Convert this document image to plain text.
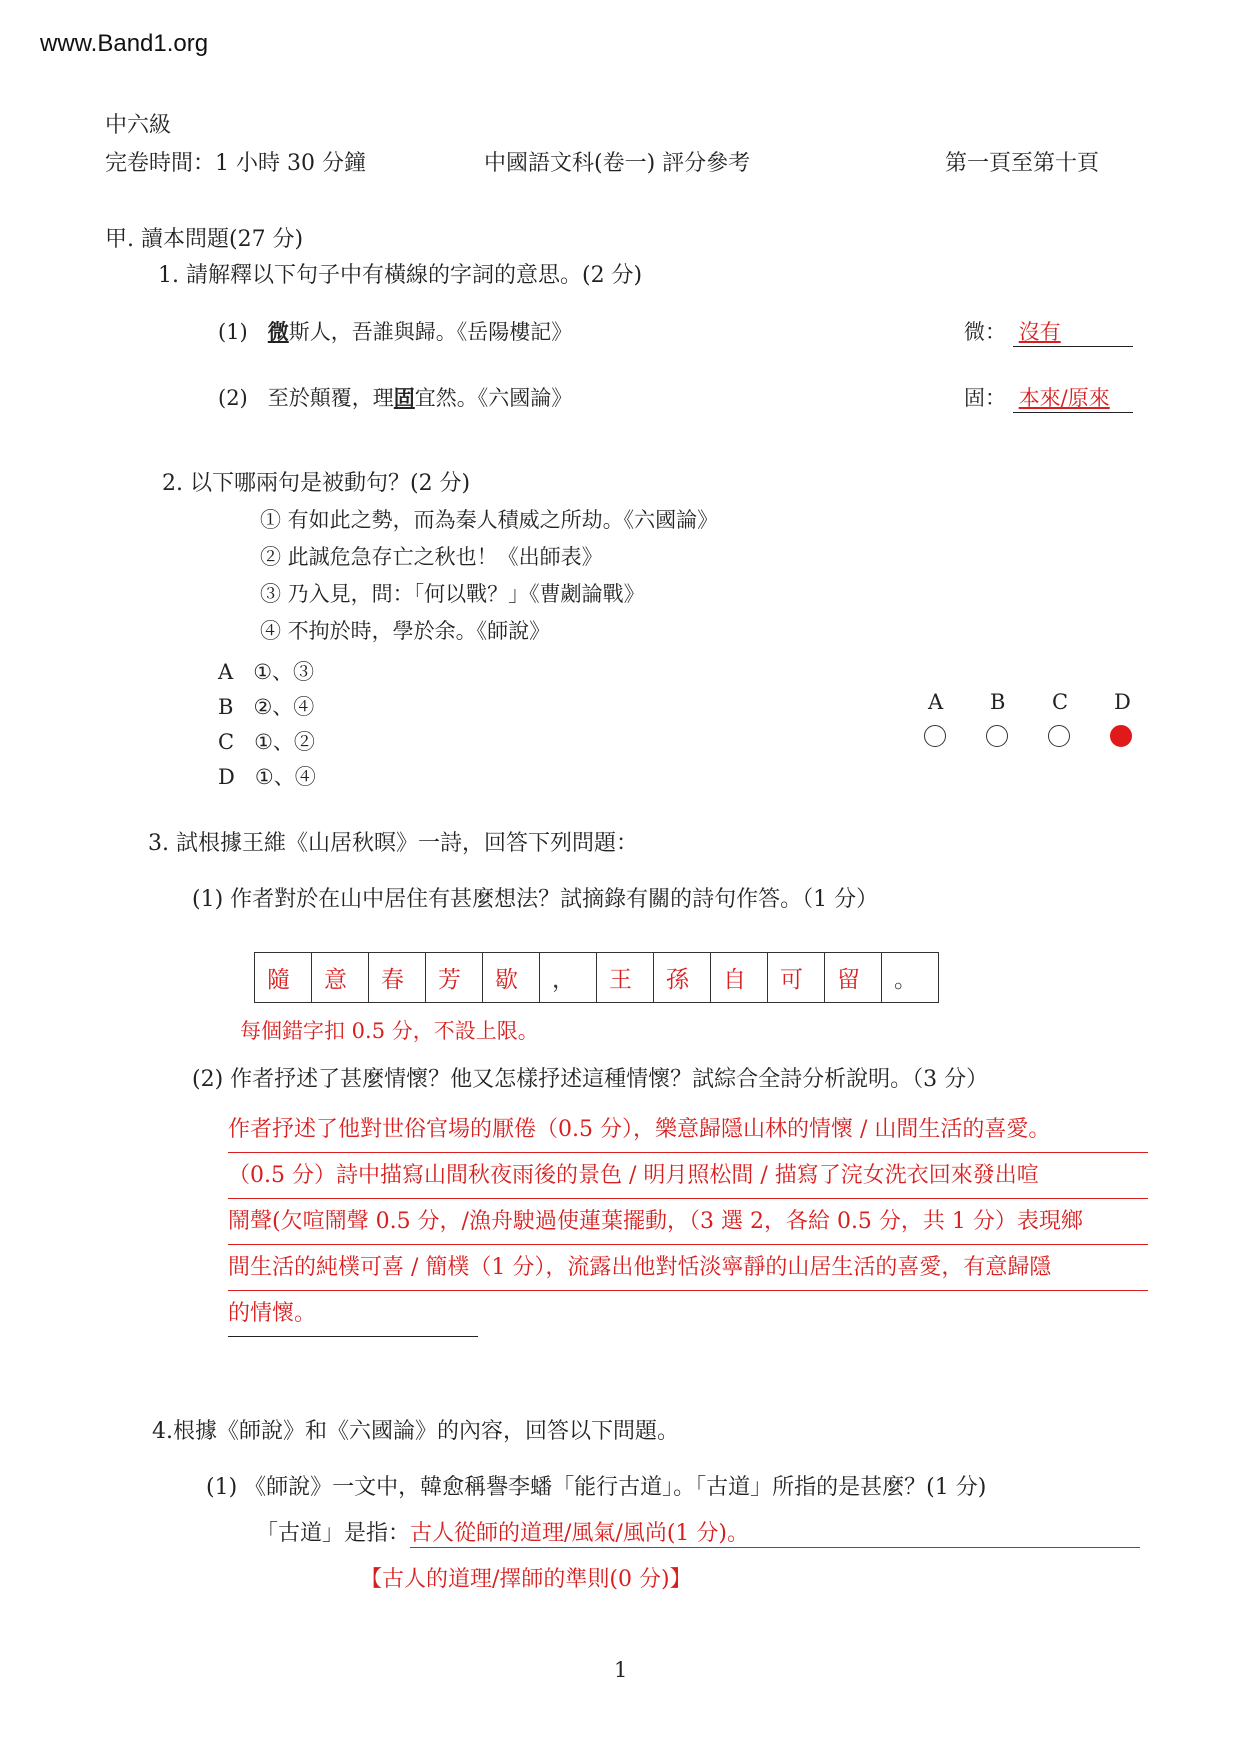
www.Band1.org
中六級
完卷時間：1 小時 30 分鐘	中國語文科(卷一) 評分參考	第一頁至第十頁
甲. 讀本問題(27 分)
1. 請解釋以下句子中有橫線的字詞的意思。(2 分)
(1) 微斯人，吾誰與歸。《岳陽樓記》	微： 沒有
(2) 至於顛覆，理固宜然。《六國論》	固： 本來/原來
2. 以下哪兩句是被動句？(2 分)
① 有如此之勢，而為秦人積威之所劫。《六國論》
② 此誠危急存亡之秋也！《出師表》
③ 乃入見，問：「何以戰？」《曹劌論戰》
④ 不拘於時，學於余。《師說》
A ①、③
B ②、④
C ①、②
D ①、④
A B C D
3. 試根據王維《山居秋暝》一詩，回答下列問題：
(1) 作者對於在山中居住有甚麼想法？試摘錄有關的詩句作答。（1 分）
隨	意	春	芳	歇	，	王	孫	自	可	留	。
每個錯字扣 0.5 分，不設上限。
(2) 作者抒述了甚麼情懷？他又怎樣抒述這種情懷？試綜合全詩分析說明。（3 分）
作者抒述了他對世俗官場的厭倦（0.5 分），樂意歸隱山林的情懷 / 山間生活的喜愛。
（0.5 分）詩中描寫山間秋夜雨後的景色 / 明月照松間 / 描寫了浣女洗衣回來發出喧
鬧聲(欠喧鬧聲 0.5 分，/漁舟駛過使蓮葉擺動，（3 選 2，各給 0.5 分，共 1 分）表現鄉
間生活的純樸可喜 / 簡樸（1 分），流露出他對恬淡寧靜的山居生活的喜愛，有意歸隱
的情懷。
4.根據《師說》和《六國論》的內容，回答以下問題。
(1) 《師說》一文中，韓愈稱譽李蟠「能行古道」。「古道」所指的是甚麼？(1 分)
「古道」是指：古人從師的道理/風氣/風尚(1 分)。
【古人的道理/擇師的準則(0 分)】
1
